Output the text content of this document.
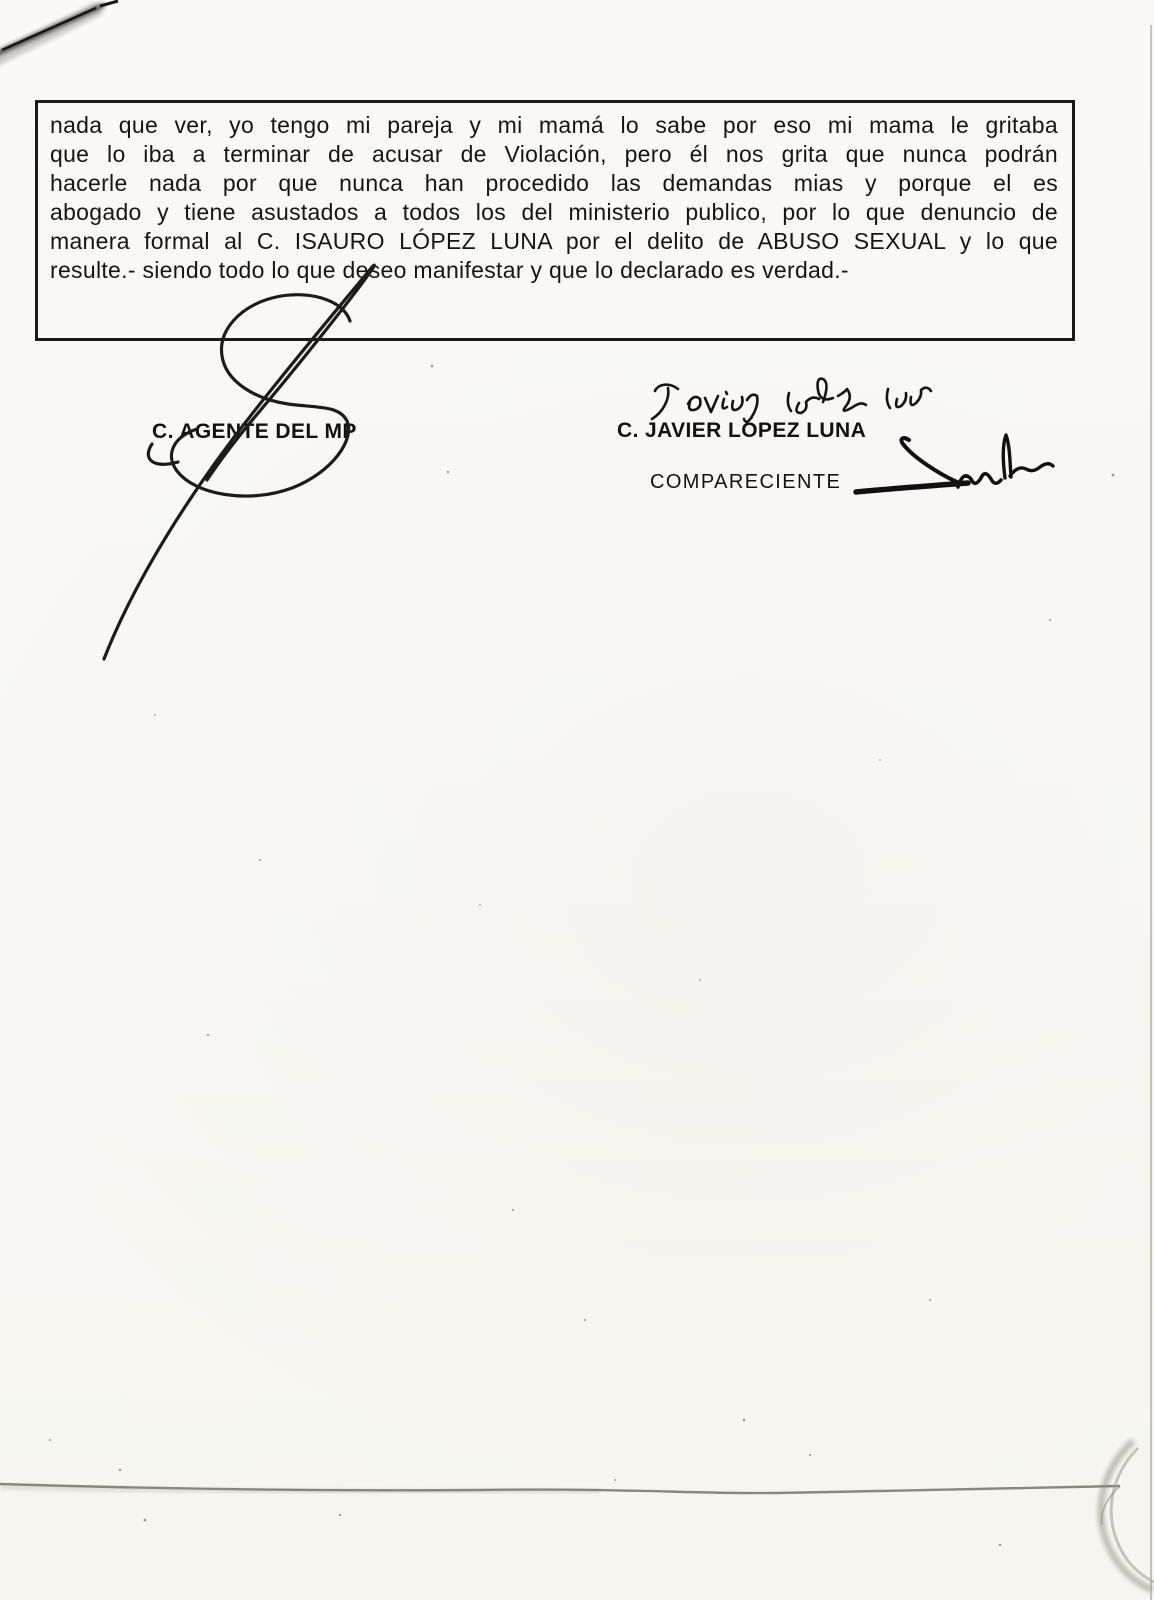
nada que ver, yo tengo mi pareja y mi mamá lo sabe por eso mi mama le gritaba
que lo iba a terminar de acusar de Violación, pero él nos grita que nunca podrán
hacerle nada por que nunca han procedido las demandas mias y porque el es
abogado y tiene asustados a todos los del ministerio publico, por lo que denuncio de
manera formal al C. ISAURO LÓPEZ LUNA por el delito de ABUSO SEXUAL y lo que
resulte.- siendo todo lo que deseo manifestar y que lo declarado es verdad.-
C. AGENTE DEL MP	C. JAVIER LÓPEZ LUNA
COMPARECIENTE
